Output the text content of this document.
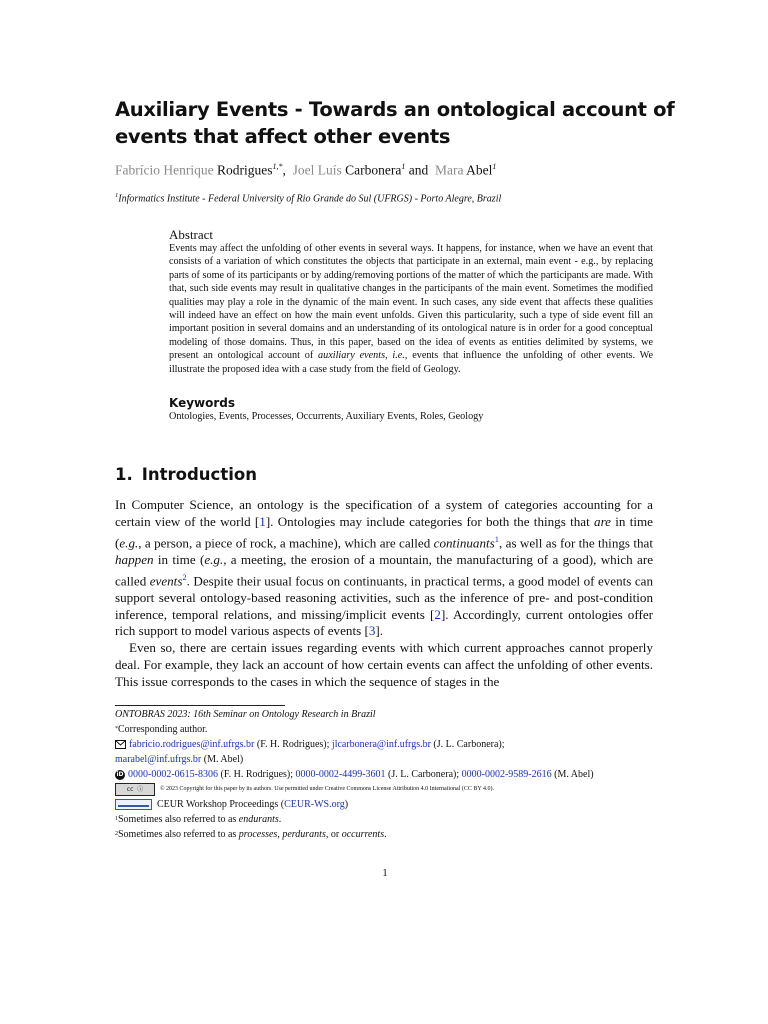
Auxiliary Events - Towards an ontological account of events that affect other events
Fabrício Henrique Rodrigues$^{1,*}$, Joel Luís Carbonera$^1$ and Mara Abel$^1$
$^1$Informatics Institute - Federal University of Rio Grande do Sul (UFRGS) - Porto Alegre, Brazil
Abstract
Events may affect the unfolding of other events in several ways. It happens, for instance, when we have an event that consists of a variation of which constitutes the objects that participate in an external, main event - e.g., by replacing parts of some of its participants or by adding/removing portions of the matter of which the participants are made. With that, such side events may result in qualitative changes in the participants of the main event. Sometimes the modified qualities may play a role in the dynamic of the main event. In such cases, any side event that affects these qualities will indeed have an effect on how the main event unfolds. Given this particularity, such a type of side event fill an important position in several domains and an understanding of its ontological nature is in order for a good conceptual modeling of those domains. Thus, in this paper, based on the idea of events as entities delimited by systems, we present an ontological account of auxiliary events, i.e., events that influence the unfolding of other events. We illustrate the proposed idea with a case study from the field of Geology.
Keywords
Ontologies, Events, Processes, Occurrents, Auxiliary Events, Roles, Geology
1. Introduction

In Computer Science, an ontology is the specification of a system of categories accounting for a certain view of the world [1]. Ontologies may include categories for both the things that are in time (e.g., a person, a piece of rock, a machine), which are called continuants$^1$, as well as for the things that happen in time (e.g., a meeting, the erosion of a mountain, the manufacturing of a good), which are called events$^2$. Despite their usual focus on continuants, in practical terms, a good model of events can support several ontology-based reasoning activities, such as the inference of pre- and post-condition inference, temporal relations, and missing/implicit events [2]. Accordingly, current ontologies offer rich support to model various aspects of events [3].

Even so, there are certain issues regarding events with which current approaches cannot properly deal. For example, they lack an account of how certain events can affect the unfolding of other events. This issue corresponds to the cases in which the sequence of stages in the

ONTOBRAS 2023: 16th Seminar on Ontology Research in Brazil
* Corresponding author.
fabricio.rodrigues@inf.ufrgs.br (F. H. Rodrigues); jlcarbonera@inf.ufrgs.br (J. L. Carbonera);
marabel@inf.ufrgs.br (M. Abel)
iD 0000-0002-0615-8306 (F. H. Rodrigues); 0000-0002-4499-3601 (J. L. Carbonera); 0000-0002-9589-2616 (M. Abel)
cc  ⓘ	© 2023 Copyright for this paper by its authors. Use permitted under Creative Commons License Attribution 4.0 International (CC BY 4.0).
CEUR Workshop Proceedings ( CEUR-WS.org )
1 Sometimes also referred to as endurants .
2 Sometimes also referred to as processes , perdurants , or occurrents .
1
